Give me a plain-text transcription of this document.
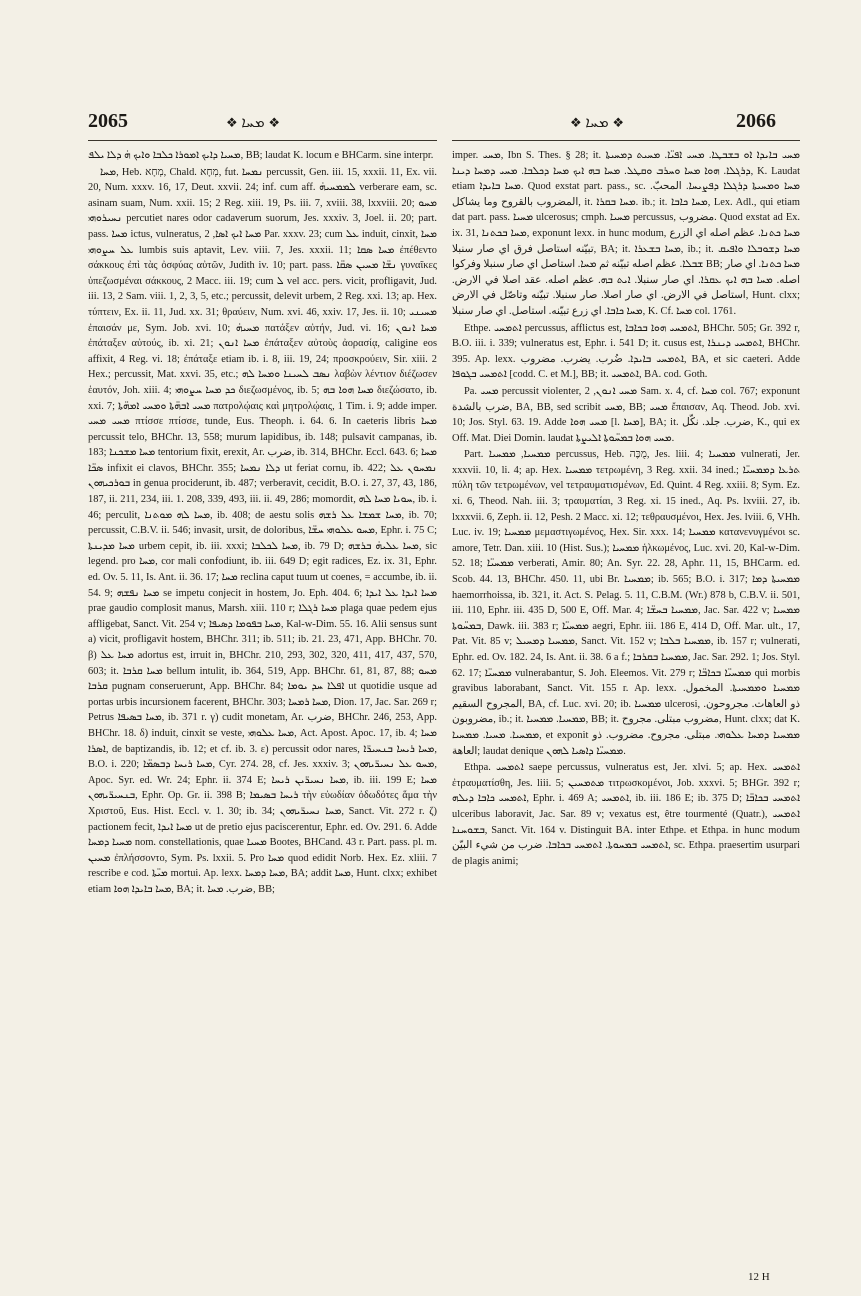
2065	❖ ܡܚܐ ❖	❖ ܡܚܐ ❖	2066

ܡܚܝܐ ܕܐܝܟ ܐܡܘܪܐ ܟܠܒܐ ܘܐܝܟ ܗ̇ ܕܠܐ ܝܠܦ, BB; laudat K. locum e BHCarm. sine interpr.

ܡܚܐ, Heb. מְחָא, Chald. מְחָא, fut. ܢܡܚܐ percussit, Gen. iii. 15, xxxii. 11, Ex. vii. 20, Num. xxxv. 16, 17, Deut. xxvii. 24; inf. cum aff. ܠܡܡܚܝܗ̇ verberare eam, sc. asinam suam, Num. xxii. 15; 2 Reg. xiii. 19, Ps. iii. 7, xviii. 38, lxxviii. 20; ܡܚܘ ܢܚܝܪܘܗܝ percutiet nares odor cadaverum suorum, Jes. xxxiv. 3, Joel. ii. 20; part. pass. ܡܚܐ ictus, vulneratus, ܡܚܐ ܐܝܟ ܐܣܐ, 2 Par. xxxv. 23; cum ܥܠ induit, cinxit, ܡܚܐ ܥܠ ܚܨܘܗܝ lumbis suis aptavit, Lev. viii. 7, Jes. xxxii. 11; ܡܚܐ ܣܩܐ ἐπέθεντο σάκκους ἐπὶ τὰς ὀσφύας αὐτῶν, Judith iv. 10; part. pass. ܢܫ̈ܐ ܡܚܝܢ ܣܩ̈ܐ γυναῖκες ὑπεζωσμέναι σάκκους, 2 Macc. iii. 19; cum ܠ vel acc. pers. vicit, profligavit, Jud. iii. 13, 2 Sam. viii. 1, 2, 3, 5, etc.; percussit, delevit urbem, 2 Reg. xxi. 13; ap. Hex. τύπτειν, Ex. ii. 11, Jud. xx. 31; θραύειν, Num. xvi. 46, xxiv. 17, Jes. ii. 10; ܡܚܝܢܝ ἐπαισάν με, Sym. Job. xvi. 10; ܡܚܝܗ̇ πατάξεν αὐτήν, Jud. vi. 16; ܡܚܐ ܐܢܘܢ ἐπάταξεν αὐτούς, ib. xi. 21; ܡܚܐ ܐܢܘܢ ἐπάταξεν αὐτοὺς ἀορασίᾳ, caligine eos affixit, 4 Reg. vi. 18; ἐπάταξε etiam ib. i. 8, iii. 19, 24; προσκρούειν, Sir. xiii. 2 Hex.; percussit, Mat. xxvi. 35, etc.; ܢܣܒ ܠܚܝܢܐ ܘܡܚܐ ܠܗ λαβὼν λέντιον διέζωσεν ἑαυτόν, Joh. xiii. 4; ܟܕ ܡܚܐ ܚܨܘܗܝ διεζωσμένος, ib. 5; ܡܚܐ ܗܘܐ ܒܗ διεζώσατο, ib. xxi. 7; ܡܚܝ ܐܒܗ̈ܬܐ ܘܡܚܝ ܐܡܗ̈ܬܐ πατρολῴαις καὶ μητρολῴαις, 1 Tim. i. 9; adde imper. ܡܚܝ ܡܚܝ πτίσσε πτίσσε, tunde, Eus. Theoph. i. 64. 6. In caeteris libris ܡܚܐ percussit telo, BHChr. 13, 558; murum lapidibus, ib. 148; pulsavit campanas, ib. 183; ܡܚܐ ܡܫܟܢܐ tentorium fixit, erexit, Ar. ضرب, ib. 314, BHChr. Eccl. 643. 6; ܡܚܐ ܣܟ̈ܐ infixit ei clavos, BHChr. 355; ܕܠܐ ܢܡܚܐ ut feriat cornu, ib. 422; ܢܡܚܘܢ ܥܠ ܒܘܪܟܝܗܘܢ in genua prociderunt, ib. 487; verberavit, cecidit, B.O. i. 27, 37, 43, 186, 187, ii. 211, 234, iii. 1. 208, 339, 493, iii. ii. 49, 286; momordit, ܚܘܝܐ ܡܚܐ ܠܗ, ib. i. 46; perculit, ܡܚܐ ܠܗ ܡܘܬܢܐ, ib. 408; de aestu solis ܡܚܐ ܫܡܫܐ ܥܠ ܪܫܗ, ib. 70; percussit, C.B.V. ii. 546; invasit, ursit, de doloribus, ܡܚܘ ܥܠܘܗܝ ܚܫ̈ܐ, Ephr. i. 75 C; ܡܚܐ ܡܕܝܢܬܐ urbem cepit, ib. iii. xxxi; ܡܚܐ ܠܟܠܒܐ, ib. 79 D; ܡܚܐ ܥܠܝܗ̇ ܒܪܫܗ, sic legend. pro ܡܚܐ, cor mali confodiunt, ib. iii. 649 D; egit radices, Ez. ix. 31, Ephr. ed. Ov. 5. 11, Is. Ant. ii. 36. 17; ܡܚܐ reclina caput tuum ut coenes, = accumbe, ib. ii. 54. 9; ܡܚܐ ܢܦܫܗ se impetu conjecit in hostem, Jo. Eph. 404. 6; ܡܚܐ ܐܝܕܐ ܥܠ ܐܝܕܐ prae gaudio complosit manus, Marsh. xiii. 110 r; ܡܚܐ ܪܓܠܐ plaga quae pedem ejus affligebat, Sanct. Vit. 254 v; ܡܚܐ ܒܦܘܡܐ ܕܣܝܦܐ, Kal-w-Dim. 55. 16. Alii sensus sunt a) vicit, profligavit hostem, BHChr. 311; ib. 511; ib. 21. 23, 471, App. BHChr. 70. β) ܡܚܐ ܥܠ adortus est, irruit in, BHChr. 210, 293, 302, 320, 411, 417, 437, 570, 603; it. ܡܚܐ ܩܪܒܐ bellum intulit, ib. 364, 519, App. BHChr. 61, 81, 87, 88; ܡܚܘ ܩܪܒܐ pugnam conseruerunt, App. BHChr. 84; ܐܦܠܐ ܚܕ ܝܘܡܐ ut quotidie usque ad portas urbis incursionem facerent, BHChr. 303; ܡܚܐ ܪܡܚܐ, Dion. 17, Jac. Sar. 269 r; Petrus ܡܚܐ ܒܣܝܦܐ, ib. 371 r. γ) cudit monetam, Ar. ضرب, BHChr. 246, 253, App. BHChr. 18. δ) induit, cinxit se veste, ܡܚܐ ܥܠܘܗܝ, Act. Apost. Apoc. 17, ib. 4; ܡܚܐ ܐܣܪܐ, de baptizandis, ib. 12; et cf. ib. 3. ε) percussit odor nares, ܡܚܐ ܪܝܚܐ ܒܢܚܝܪ̈ܐ, B.O. i. 220; ܡܚܐ ܪܝܚܐ ܕܒܣܡ̈ܐ, Cyr. 274. 28, cf. Jes. xxxiv. 3; ܡܚܘ ܥܠ ܢܚܝܪ̈ܝܗܘܢ, Apoc. Syr. ed. Wr. 24; Ephr. ii. 374 E; ܡܚܐ ܢܚܝܪ̈ܝܢ ܪܝܚܐ, ib. iii. 199 E; ܡܚܐ ܒܢܚܝܪ̈ܝܗܘܢ, Ephr. Op. Gr. ii. 398 B; ܪܝܚܐ ܒܣܝܡܐ τὴν εὐωδίαν ὀδωδότες ἅμα τὴν Χριστοῦ, Eus. Hist. Eccl. v. 1. 30; ib. 34; ܡܚܐ ܢܚܝܪ̈ܝܗܘܢ, Sanct. Vit. 272 r. ζ) pactionem fecit, ܡܚܐ ܐܝܕܐ ut de pretio ejus paciscerentur, Ephr. ed. Ov. 291. 6. Adde ܡܚܝܐ ܕܡܚܐ nom. constellationis, quae ܡܚܝܐ Bootes, BHCand. 43 r. Part. pass. pl. m. ܡܚܝܢ ἐπλήσσοντο, Sym. Ps. lxxii. 5. Pro ܡܚܐ quod edidit Norb. Hex. Ez. xliii. 7 rescribe e cod. ܡܝ̈ܬܐ mortui. Ap. lexx. ܡܚܐ ܕܡܚܐ, BA; addit ܡܚܐ, Hunt. clxx; exhibet etiam ܡܚܐ ܒܐܝܕܐ ܗܘܐ, BA; it. ضرب. ܡܚܐ, BB;

imper. ܡܚܝ, Ibn S. Thes. § 28; it. ܡܚܝ ܒܐܝܕܐ ܐܘ ܒܫܒܛܐ. ܡܚܝ ܐܦܝ̈ܐ. ܡܚܝܬ ܕܡܚܝܬܐ ܕܪܓܠܐ. ܗܘܐ ܡܚܐ ܘܚܪܒ ܘܩܛܠ. ܡܚܐ ܒܗ ܐܝܟ ܡܚܐ ܕܟܠܒܐ. ܡܚܝ ܕܡܚܐ ܕܝܢܐ, K. Laudat etiam ܡܚܐ ܒܐܝܕܐ. Quod exstat part. pass., sc. ܡܚܐ ܘܡܚܝܬܐ ܕܪܓܠܐ ܕܦܨܝܚܐ. المحبّ. المضروب بالقروح وما يشاكل, it. ܡܚܐ ܒܩܪܐ. ib.; it. ܡܚܐ ܟܐܒܐ, Lex. Adl., qui etiam dat part. pass. ܡܚܝܐ ulcerosus; cmph. ܡܚܝܐ percussus, مضروب. Quod exstat ad Ex. ix. 31, ܡܚܐ ܒܟܬܢܐ, exponunt lexx. in hunc modum, ܡܚܐ ܟܬܢܐ. عظم اصله اي الزرع تبيّنه استاصل فرق اي صار سنبلا, BA; it. ܡܚܐ ܒܫܥܪܐ, ib.; it. ܡܚܐ ܕܫܘܒܠܐ ܘܐܦܝܩ ܫܒܠܐ. عظم اصله تبيّنه ثم ܡܚܐ. استاصل اي صار سنبلا وفركوا BB; ܡܚܐ ܟܬܢܐ. اي صار اصله. ܡܚܐ ܒܗ ܐܝܟ ܥܩܪܐ. اي صار سنبلا. ܐܝܬ ܒܗ. عظم اصله. عقد اصلا في الارض. استاصل في الارض. اي صار اصلا. صار سنبلا. تبيّنه وتاصّل في الارض, Hunt. clxx; ܡܚܐ ܟܐܒܐ. اي زرع تبيّنه. استاصل. اي صار سنبلا, K. Cf. ܡܚܐ col. 1761.

Ethpe. ܐܬܡܚܝ percussus, afflictus est, ܐܬܡܚܝ ܗܘܐ ܒܟܐܒܐ, BHChr. 505; Gr. 392 r, B.O. iii. i. 339; vulneratus est, Ephr. i. 541 D; it. cusus est, ܐܬܡܚܝ ܕܝܢܪܐ, BHChr. 395. Ap. lexx. ܐܬܡܚܝ ܒܐܝܕܐ. ضُرب. يضرب. مضروب, BA, et sic caeteri. Adde ܐܬܡܚܝ ܒܓܘܦܐ [codd. C. et M.], BB; it. ܐܬܡܚܝ, BA. cod. Goth.

Pa. ܡܚܝ percussit violenter, ܡܚܝ ܐܢܘܢ, 2 Sam. x. 4, cf. ܡܚܐ col. 767; exponunt ضرب بالشدة, BA, BB, sed scribit ܡܚܝ, BB; ܡܚܝ ἔπαισαν, Aq. Theod. Job. xvi. 10; Jos. Styl. 63. 19. Adde ܡܚܝ ܗܘܐ [l. ܡܚܐ], BA; it. ضرب. جلد. نكّل, K., qui ex Off. Mat. Diei Domin. laudat ܡܚܝ ܗܘܐ ܒܡܚ̈ܘܬܐ ܐܠܝܨܬܐ.

Part. ܡܡܚܝܐ, ܡܡܚܝܐ percussus, Heb. מֻכֶּה, Jes. liii. 4; ܡܡܚܝܐ vulnerati, Jer. xxxvii. 10, li. 4; ap. Hex. ܡܡܚܝܐ τετρωμένη, 3 Reg. xxii. 34 ined.; ܬܪܥܐ ܕܡܡܚܝ̈ܐ πύλη τῶν τετρωμένων, vel τετραυματισμένων, Ed. Quint. 4 Reg. xxiii. 8; Sym. Ez. xi. 6, Theod. Nah. iii. 3; τραυματίαι, 3 Reg. xi. 15 ined., Aq. Ps. lxviii. 27, ib. lxxxvii. 6, Zeph. ii. 12, Pesh. 2 Macc. xi. 12; τεθραυσμένοι, Hex. Jes. lviii. 6, VHh. Luc. iv. 19; ܡܡܚܝܐ μεμαστιγωμένος, Hex. Sir. xxx. 14; ܡܡܚܝܐ κατανενυγμένοι sc. amore, Tetr. Dan. xiii. 10 (Hist. Sus.); ܡܡܚܝܐ ἡλκωμένος, Luc. xvi. 20, Kal-w-Dim. 52. 18; ܡܡܚܝ̈ܐ verberati, Amir. 80; An. Syr. 22. 28, Aphr. 11, 15, BHCarm. ed. Scob. 44. 13, BHChr. 450. 11, ubi Br. ܡܡܚܝܐ; ib. 565; B.O. i. 317; ܡܡܚܝܬܐ ܕܡܐ haemorrhoissa, ib. 321, it. Act. S. Pelag. 5. 11, C.B.M. (Wr.) 878 b, C.B.V. ii. 501, iii. 110, Ephr. iii. 435 D, 500 E, Off. Mar. 4; ܡܡܚܝܐ ܒܚܫ̈ܐ, Jac. Sar. 422 v; ܡܡܚܝܐ ܒܡܚ̈ܘܬܐ, Dawk. iii. 383 r; ܡܡܚܝ̈ܐ aegri, Ephr. iii. 186 E, 414 D, Off. Mar. ult., 17, Pat. Vit. 85 v; ܡܡܚܝܐ ܕܡܚܝܠ, Sanct. Vit. 152 v; ܡܡܚܝܐ ܒܠܒܐ, ib. 157 r; vulnerati, Ephr. ed. Ov. 182. 24, Is. Ant. ii. 38. 6 a f.; ܡܡܚܝܐ ܒܩܪܒܐ, Jac. Sar. 292. 1; Jos. Styl. 62. 17; ܡܡܚܝ̈ܐ vulnerabantur, S. Joh. Eleemos. Vit. 279 r; ܡܡܚܝ̈ܐ ܒܟܐܒ̈ܐ qui morbis gravibus laborabant, Sanct. Vit. 155 r. Ap. lexx. ܡܡܚܝܐ ܘܡܡܚܝܬܐ. المخمول. المجروح السقيم, BA, cf. Luc. xvi. 20; ib. ܡܡܚܝܐ ulcerosi, ذو العاهات. مجروحون. مضروبون, ib.; it. ܡܡܚܝܐ. ܡܡܚܝܐ, BB; it. مضروب مبتلى. مجروح, Hunt. clxx; dat K. ܡܡܚܝܐ. ܡܚܝܐ. ܡܡܚܝܐ, et exponit ܡܡܚܝܐ ܕܡܚܐ ܥܠܘܗܝ. مبتلى. مجروح. مضروب. ذو العاهة; laudat denique ܡܡܚܝ̈ܐ ܕܐܣܝܐ ܠܗܘܢ.

Ethpa. ܐܬܡܚܝ saepe percussus, vulneratus est, Jer. xlvi. 5; ap. Hex. ܐܬܡܚܝ ἐτραυματίσθη, Jes. liii. 5; ܡܬܡܚܝܢ τιτρωσκομένοι, Job. xxxvi. 5; BHGr. 392 r; ܐܬܡܚܝ ܟܐܒܐ ܕܝܠܗ, Ephr. i. 469 A; ܐܬܡܚܝ, ib. iii. 186 E; ib. 375 D; ܐܬܡܚܝ ܒܟܐܒ̈ܐ ulceribus laboravit, Jac. Sar. 89 v; vexatus est, être tourmenté (Quatr.), ܐܬܡܚܝ ܒܫܘܚܢܐ, Sanct. Vit. 164 v. Distinguit BA. inter Ethpe. et Ethpa. in hunc modum ܐܬܡܚܝ ܒܡܚܘܬܐ. ܐܬܡܚܝ ܒܟܐܒܐ. ضرب من شيء البيّن, sc. Ethpa. praesertim usurpari de plagis animi;

12 H
